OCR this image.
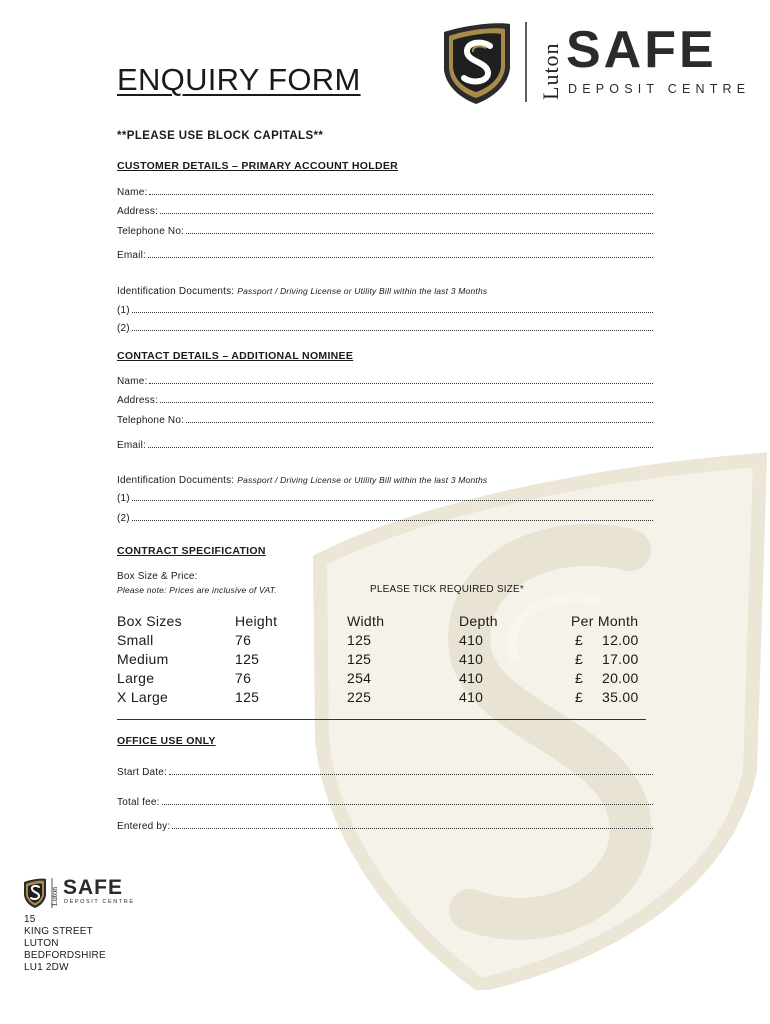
Luton SAFE
DEPOSIT CENTRE
ENQUIRY FORM
**PLEASE USE BLOCK CAPITALS**
CUSTOMER DETAILS – PRIMARY ACCOUNT HOLDER
Name:
Address:
Telephone No:
Email:
Identification Documents: Passport / Driving License or Utility Bill within the last 3 Months
(1)
(2)
CONTACT DETAILS – ADDITIONAL NOMINEE
Name:
Address:
Telephone No:
Email:
Identification Documents: Passport / Driving License or Utility Bill within the last 3 Months
(1)
(2)
CONTRACT SPECIFICATION
Box Size & Price:
Please note: Prices are inclusive of VAT.	PLEASE TICK REQUIRED SIZE*
Box Sizes	Height	Width	Depth	Per Month
Small	76	125	410	£ 12.00
Medium	125	125	410	£ 17.00
Large	76	254	410	£ 20.00
X Large	125	225	410	£ 35.00
OFFICE USE ONLY
Start Date:
Total fee:
Entered by:
Luton SAFE
DEPOSIT CENTRE
15
KING STREET
LUTON
BEDFORDSHIRE
LU1 2DW
